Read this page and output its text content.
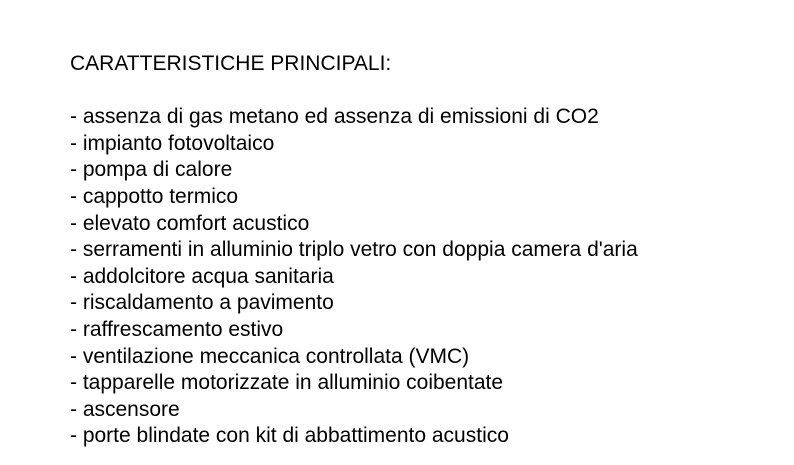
CARATTERISTICHE PRINCIPALI:
- assenza di gas metano ed assenza di emissioni di CO2
- impianto fotovoltaico
- pompa di calore
- cappotto termico
- elevato comfort acustico
- serramenti in alluminio triplo vetro con doppia camera d'aria
- addolcitore acqua sanitaria
- riscaldamento a pavimento
- raffrescamento estivo
- ventilazione meccanica controllata (VMC)
- tapparelle motorizzate in alluminio coibentate
- ascensore
- porte blindate con kit di abbattimento acustico
